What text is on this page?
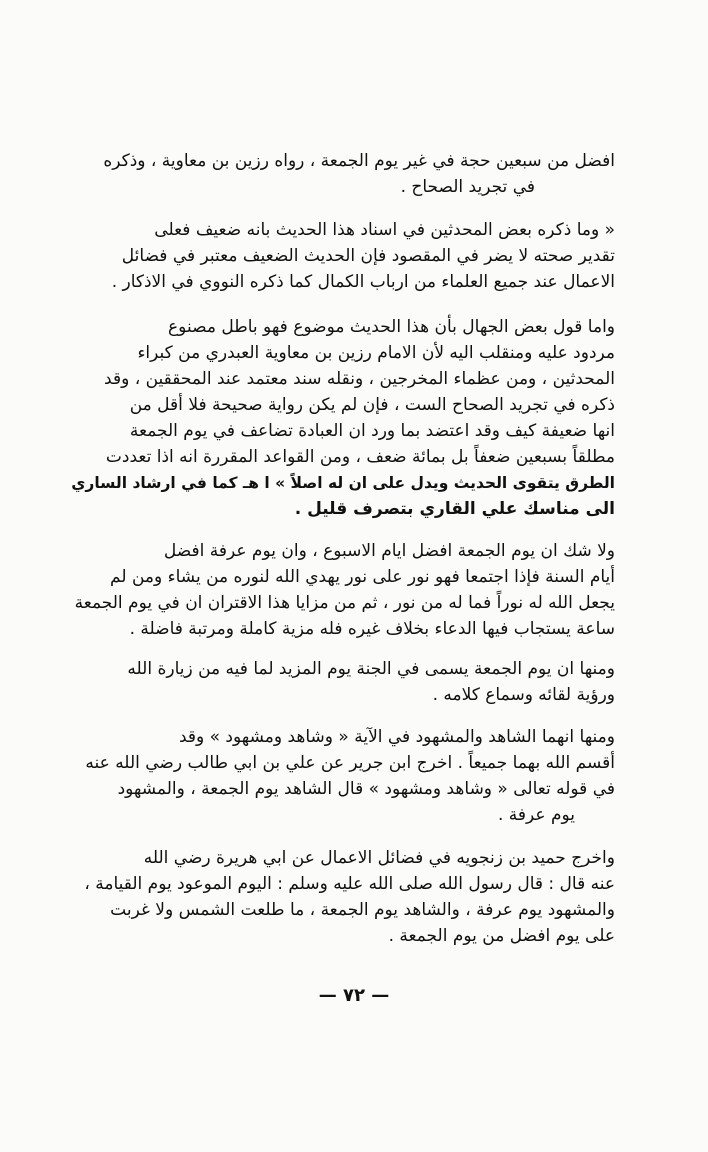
افضل من سبعين حجة في غير يوم الجمعة ، رواه رزين بن معاوية ، وذكره
في تجريد الصحاح .
« وما ذكره بعض المحدثين في اسناد هذا الحديث بانه ضعيف فعلى
تقدير صحته لا يضر في المقصود فإن الحديث الضعيف معتبر في فضائل
الاعمال عند جميع العلماء من ارباب الكمال كما ذكره النووي في الاذكار .
واما قول بعض الجهال بأن هذا الحديث موضوع فهو باطل مصنوع
مردود عليه ومنقلب اليه لأن الامام رزين بن معاوية العبدري من كبراء
المحدثين ، ومن عظماء المخرجين ، ونقله سند معتمد عند المحققين ، وقد
ذكره في تجريد الصحاح الست ، فإن لم يكن رواية صحيحة فلا أقل من
انها ضعيفة كيف وقد اعتضد بما ورد ان العبادة تضاعف في يوم الجمعة
مطلقاً بسبعين ضعفاً بل بمائة ضعف ، ومن القواعد المقررة انه اذا تعددت
الطرق يتقوى الحديث ويدل على ان له اصلاً » ا هـ كما في ارشاد الساري
الى مناسك علي القاري بتصرف قليل .
ولا شك ان يوم الجمعة افضل ايام الاسبوع ، وان يوم عرفة افضل
أيام السنة فإذا اجتمعا فهو نور على نور يهدي الله لنوره من يشاء ومن لم
يجعل الله له نوراً فما له من نور ، ثم من مزايا هذا الاقتران ان في يوم الجمعة
ساعة يستجاب فيها الدعاء بخلاف غيره فله مزية كاملة ومرتبة فاضلة .
ومنها ان يوم الجمعة يسمى في الجنة يوم المزيد لما فيه من زيارة الله
ورؤية لقائه وسماع كلامه .
ومنها انهما الشاهد والمشهود في الآية « وشاهد ومشهود » وقد
أقسم الله بهما جميعاً . اخرج ابن جرير عن علي بن ابي طالب رضي الله عنه
في قوله تعالى « وشاهد ومشهود » قال الشاهد يوم الجمعة ، والمشهود
يوم عرفة .
واخرج حميد بن زنجويه في فضائل الاعمال عن ابي هريرة رضي الله
عنه قال : قال رسول الله صلى الله عليه وسلم : اليوم الموعود يوم القيامة ،
والمشهود يوم عرفة ، والشاهد يوم الجمعة ، ما طلعت الشمس ولا غربت
على يوم افضل من يوم الجمعة .
— ٧٢ —
